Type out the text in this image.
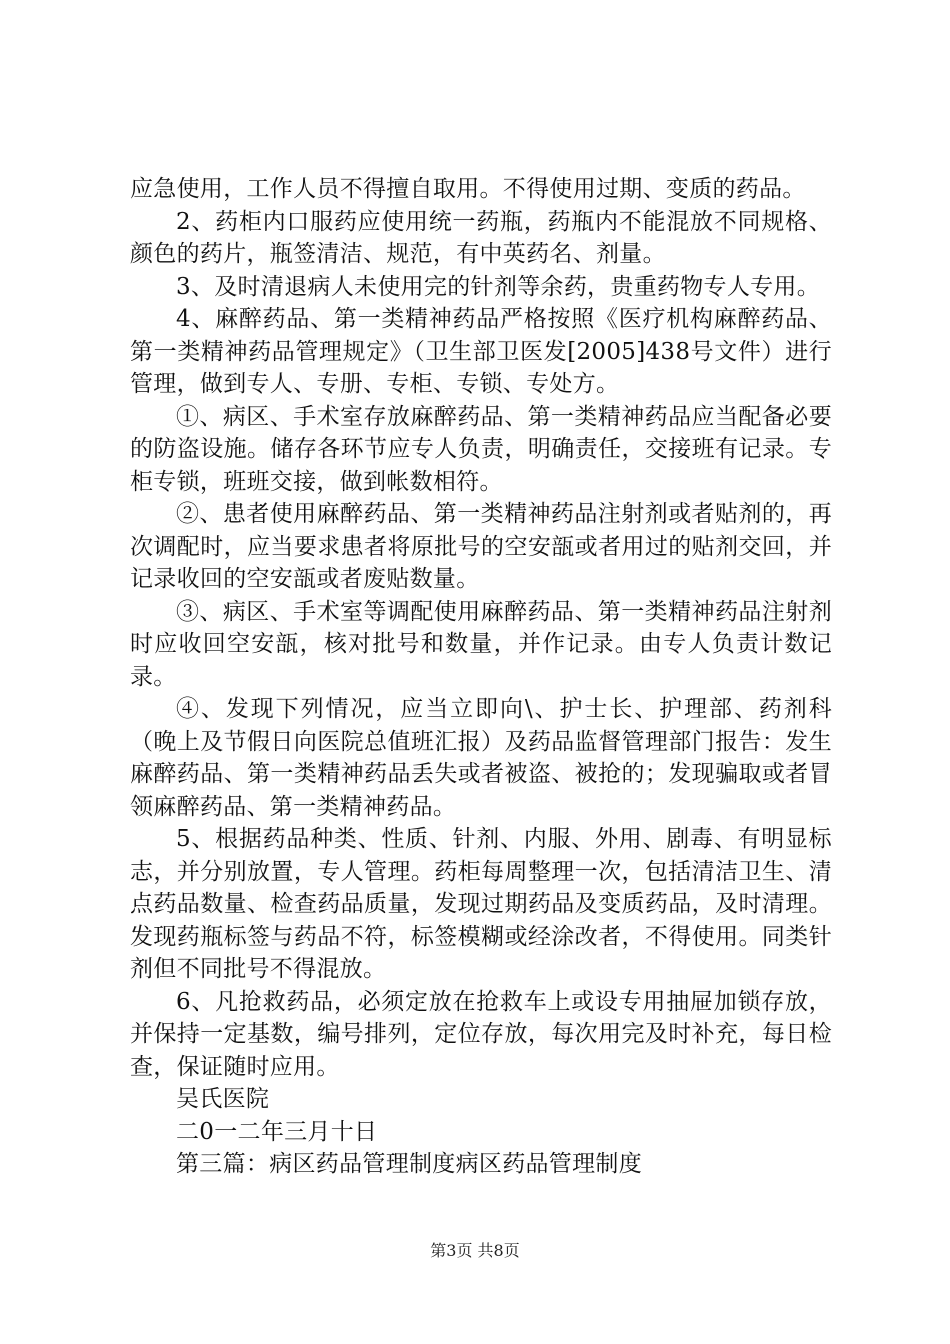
应急使用，工作人员不得擅自取用。不得使用过期、变质的药品。

2、药柜内口服药应使用统一药瓶，药瓶内不能混放不同规格、颜色的药片，瓶签清洁、规范，有中英药名、剂量。

3、及时清退病人未使用完的针剂等余药，贵重药物专人专用。

4、麻醉药品、第一类精神药品严格按照《医疗机构麻醉药品、第一类精神药品管理规定》（卫生部卫医发[2005]438号文件）进行管理，做到专人、专册、专柜、专锁、专处方。

①、病区、手术室存放麻醉药品、第一类精神药品应当配备必要的防盗设施。储存各环节应专人负责，明确责任，交接班有记录。专柜专锁，班班交接，做到帐数相符。

②、患者使用麻醉药品、第一类精神药品注射剂或者贴剂的，再次调配时，应当要求患者将原批号的空安瓿或者用过的贴剂交回，并记录收回的空安瓿或者废贴数量。

③、病区、手术室等调配使用麻醉药品、第一类精神药品注射剂时应收回空安瓿，核对批号和数量，并作记录。由专人负责计数记录。

④、发现下列情况，应当立即向\、护士长、护理部、药剂科（晚上及节假日向医院总值班汇报）及药品监督管理部门报告：发生麻醉药品、第一类精神药品丢失或者被盗、被抢的；发现骗取或者冒领麻醉药品、第一类精神药品。

5、根据药品种类、性质、针剂、内服、外用、剧毒、有明显标志，并分别放置，专人管理。药柜每周整理一次，包括清洁卫生、清点药品数量、检查药品质量，发现过期药品及变质药品，及时清理。发现药瓶标签与药品不符，标签模糊或经涂改者，不得使用。同类针剂但不同批号不得混放。

6、凡抢救药品，必须定放在抢救车上或设专用抽屉加锁存放，并保持一定基数，编号排列，定位存放，每次用完及时补充，每日检查，保证随时应用。

吴氏医院

二0一二年三月十日

第三篇：病区药品管理制度病区药品管理制度

第3页 共8页
